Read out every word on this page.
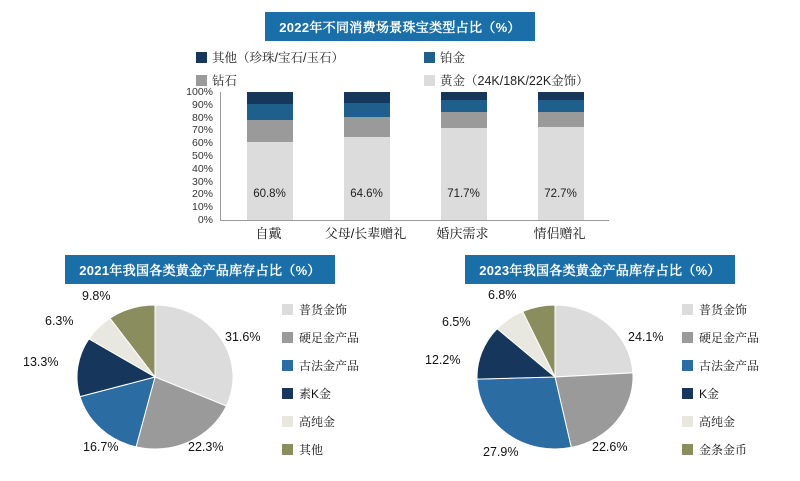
2022年不同消费场景珠宝类型占比（%）
其他（珍珠/宝石/玉石）	铂金
钻石	黄金（24K/18K/22K金饰）
100%
90%
80%
70%
60%
50%
40%
30%
20%
10%
0%
60.8%	64.6%	71.7%	72.7%
自戴	父母/长辈赠礼	婚庆需求	情侣赠礼
2021年我国各类黄金产品库存占比（%）
普货金饰
硬足金产品
古法金产品
素K金
高纯金
其他
31.6%
22.3%
16.7%
13.3%
6.3%
9.8%
2023年我国各类黄金产品库存占比（%）
普货金饰
硬足金产品
古法金产品
K金
高纯金
金条金币
24.1%
22.6%
27.9%
12.2%
6.5%
6.8%
